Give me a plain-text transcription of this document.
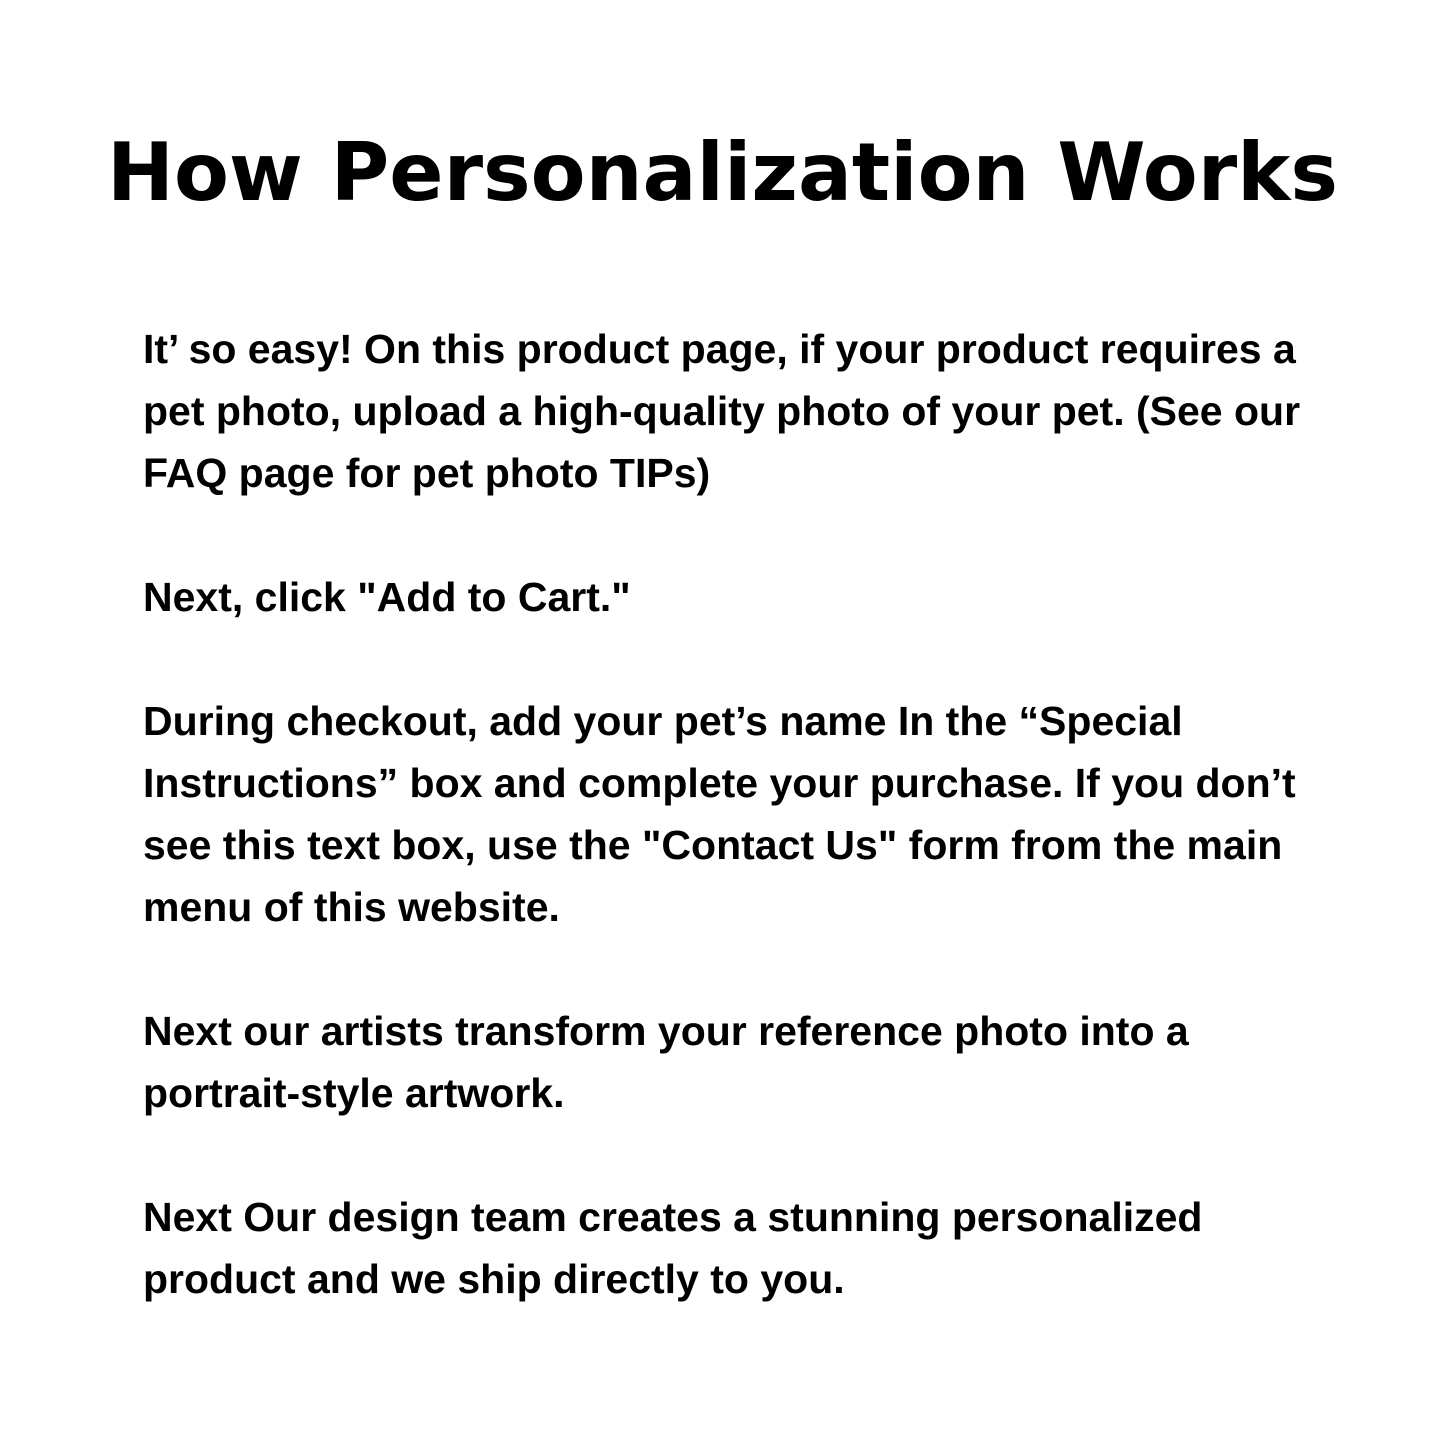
How Personalization Works

It’ so easy! On this product page, if your product requires a pet photo, upload a high-quality photo of your pet. (See our FAQ page for pet photo TIPs)

Next, click "Add to Cart."

During checkout, add your pet’s name In the “Special Instructions” box and complete your purchase. If you don’t see this text box, use the "Contact Us" form from the main menu of this website.

Next our artists transform your reference photo into a portrait-style artwork.

Next Our design team creates a stunning personalized product and we ship directly to you.
